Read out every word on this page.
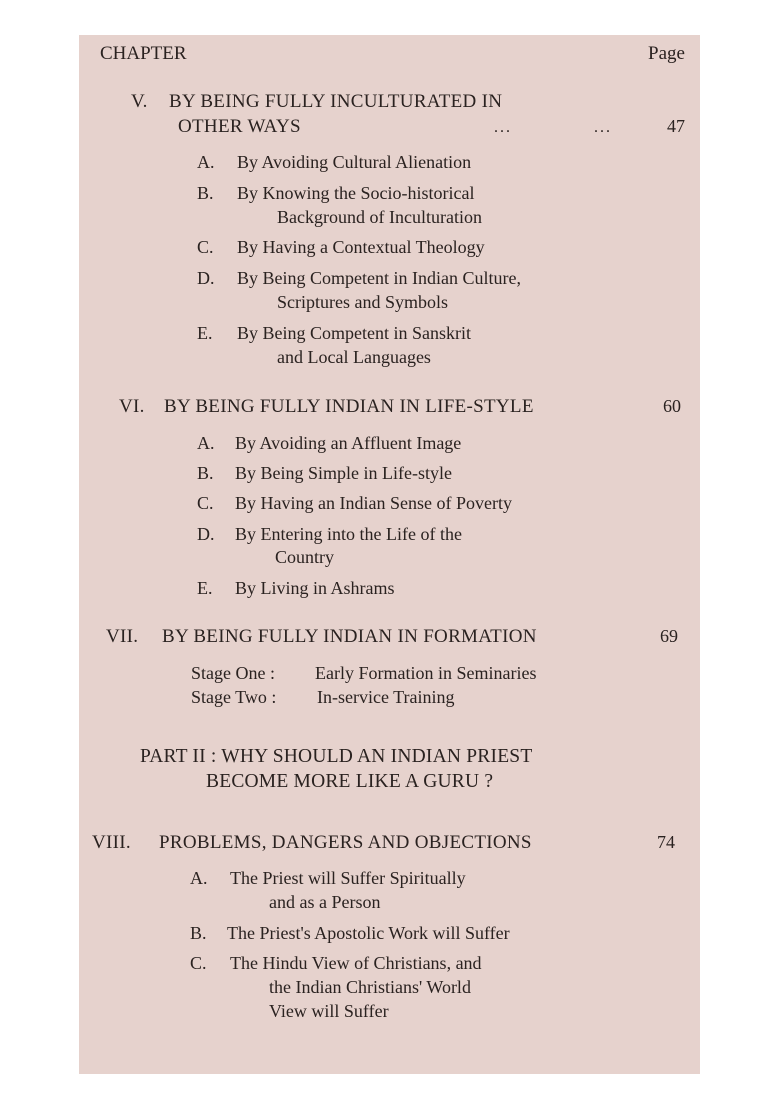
CHAPTER	Page
V. BY BEING FULLY INCULTURATED IN
OTHER WAYS	...	...	47
A. By Avoiding Cultural Alienation
B. By Knowing the Socio-historical
Background of Inculturation
C. By Having a Contextual Theology
D. By Being Competent in Indian Culture,
Scriptures and Symbols
E. By Being Competent in Sanskrit
and Local Languages
VI. BY BEING FULLY INDIAN IN LIFE-STYLE	60
A. By Avoiding an Affluent Image
B. By Being Simple in Life-style
C. By Having an Indian Sense of Poverty
D. By Entering into the Life of the
Country
E. By Living in Ashrams
VII. BY BEING FULLY INDIAN IN FORMATION	69
Stage One : Early Formation in Seminaries
Stage Two : In-service Training
PART II : WHY SHOULD AN INDIAN PRIEST
BECOME MORE LIKE A GURU ?
VIII. PROBLEMS, DANGERS AND OBJECTIONS	74
A. The Priest will Suffer Spiritually
and as a Person
B. The Priest's Apostolic Work will Suffer
C. The Hindu View of Christians, and
the Indian Christians' World
View will Suffer
